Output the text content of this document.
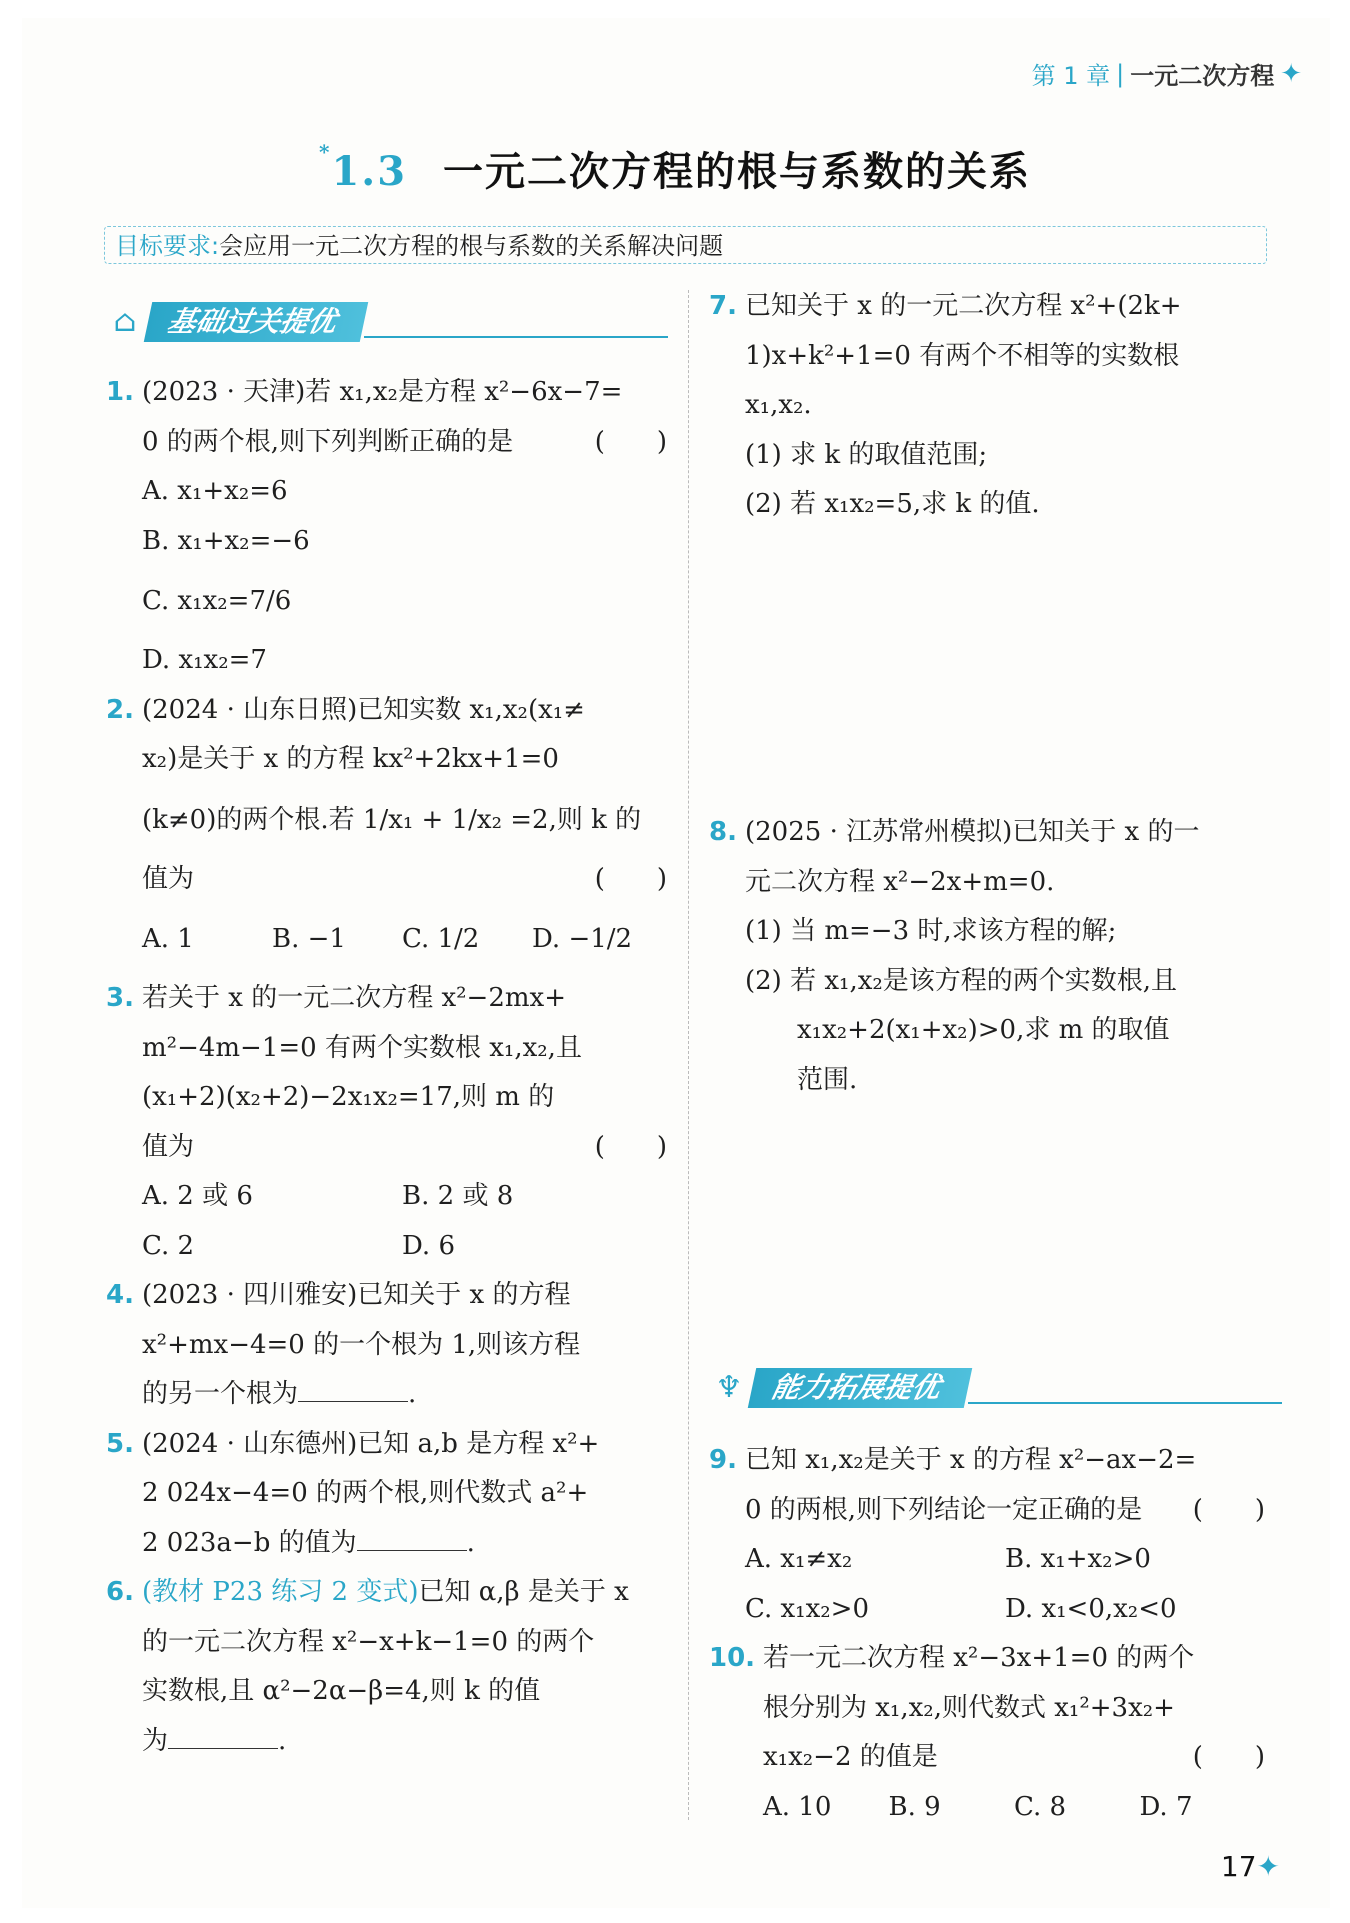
第 1 章 | 一元二次方程 ✦
*1.3 一元二次方程的根与系数的关系
目标要求:会应用一元二次方程的根与系数的关系解决问题
⌂	基础过关提优
1. (2023 · 天津)若 x₁,x₂是方程 x²−6x−7=
0 的两个根,则下列判断正确的是	(　　)
A. x₁+x₂=6
B. x₁+x₂=−6
C. x₁x₂=7/6
D. x₁x₂=7
2. (2024 · 山东日照)已知实数 x₁,x₂(x₁≠
x₂)是关于 x 的方程 kx²+2kx+1=0
(k≠0)的两个根.若 1/x₁ + 1/x₂ =2,则 k 的
值为	(　　)
A. 1	B. −1	C. 1/2	D. −1/2
3. 若关于 x 的一元二次方程 x²−2mx+
m²−4m−1=0 有两个实数根 x₁,x₂,且
(x₁+2)(x₂+2)−2x₁x₂=17,则 m 的
值为	(　　)
A. 2 或 6	B. 2 或 8
C. 2	D. 6
4. (2023 · 四川雅安)已知关于 x 的方程
x²+mx−4=0 的一个根为 1,则该方程
的另一个根为	.
5. (2024 · 山东德州)已知 a,b 是方程 x²+
2 024x−4=0 的两个根,则代数式 a²+
2 023a−b 的值为	.
6. (教材 P23 练习 2 变式)已知 α,β 是关于 x
的一元二次方程 x²−x+k−1=0 的两个
实数根,且 α²−2α−β=4,则 k 的值
为	.
7. 已知关于 x 的一元二次方程 x²+(2k+
1)x+k²+1=0 有两个不相等的实数根
x₁,x₂.
(1) 求 k 的取值范围;
(2) 若 x₁x₂=5,求 k 的值.
8. (2025 · 江苏常州模拟)已知关于 x 的一
元二次方程 x²−2x+m=0.
(1) 当 m=−3 时,求该方程的解;
(2) 若 x₁,x₂是该方程的两个实数根,且
x₁x₂+2(x₁+x₂)>0,求 m 的取值
范围.
♆ 能力拓展提优
9. 已知 x₁,x₂是关于 x 的方程 x²−ax−2=
0 的两根,则下列结论一定正确的是 (　　)
A. x₁≠x₂	B. x₁+x₂>0
C. x₁x₂>0	D. x₁<0,x₂<0
10. 若一元二次方程 x²−3x+1=0 的两个
根分别为 x₁,x₂,则代数式 x₁²+3x₂+
x₁x₂−2 的值是	(　　)
A. 10	B. 9	C. 8	D. 7
17✦
